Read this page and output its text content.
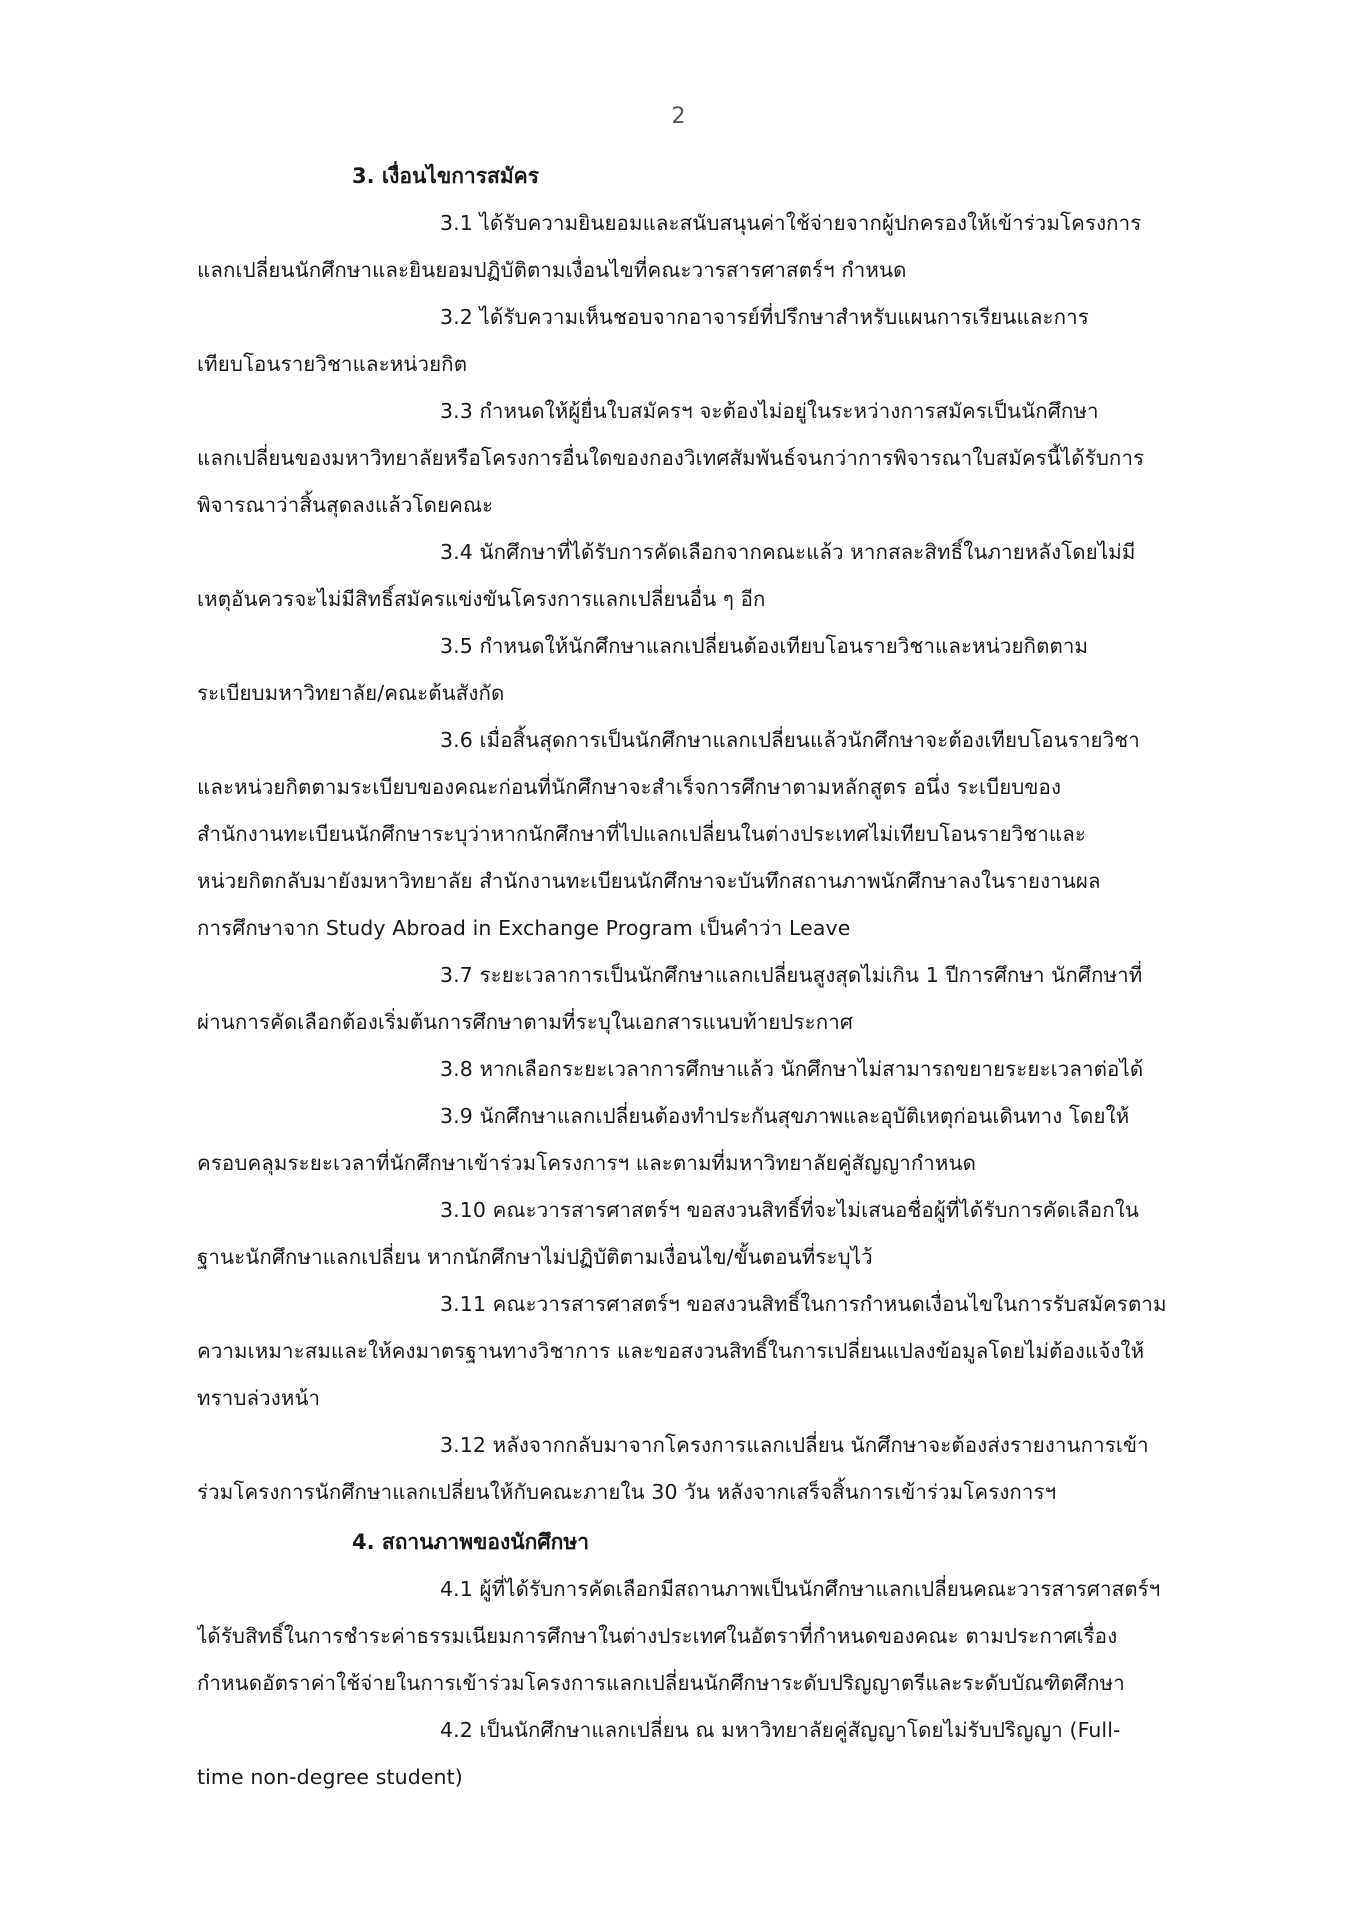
2
3. เงื่อนไขการสมัคร

3.1 ได้รับความยินยอมและสนับสนุนค่าใช้จ่ายจากผู้ปกครองให้เข้าร่วมโครงการ
แลกเปลี่ยนนักศึกษาและยินยอมปฏิบัติตามเงื่อนไขที่คณะวารสารศาสตร์ฯ กำหนด

3.2 ได้รับความเห็นชอบจากอาจารย์ที่ปรึกษาสำหรับแผนการเรียนและการ
เทียบโอนรายวิชาและหน่วยกิต

3.3 กำหนดให้ผู้ยื่นใบสมัครฯ จะต้องไม่อยู่ในระหว่างการสมัครเป็นนักศึกษา
แลกเปลี่ยนของมหาวิทยาลัยหรือโครงการอื่นใดของกองวิเทศสัมพันธ์จนกว่าการพิจารณาใบสมัครนี้ได้รับการ
พิจารณาว่าสิ้นสุดลงแล้วโดยคณะ

3.4 นักศึกษาที่ได้รับการคัดเลือกจากคณะแล้ว หากสละสิทธิ์ในภายหลังโดยไม่มี
เหตุอันควรจะไม่มีสิทธิ์สมัครแข่งขันโครงการแลกเปลี่ยนอื่น ๆ อีก

3.5 กำหนดให้นักศึกษาแลกเปลี่ยนต้องเทียบโอนรายวิชาและหน่วยกิตตาม
ระเบียบมหาวิทยาลัย/คณะต้นสังกัด

3.6 เมื่อสิ้นสุดการเป็นนักศึกษาแลกเปลี่ยนแล้วนักศึกษาจะต้องเทียบโอนรายวิชา
และหน่วยกิตตามระเบียบของคณะก่อนที่นักศึกษาจะสำเร็จการศึกษาตามหลักสูตร อนึ่ง ระเบียบของ
สำนักงานทะเบียนนักศึกษาระบุว่าหากนักศึกษาที่ไปแลกเปลี่ยนในต่างประเทศไม่เทียบโอนรายวิชาและ
หน่วยกิตกลับมายังมหาวิทยาลัย สำนักงานทะเบียนนักศึกษาจะบันทึกสถานภาพนักศึกษาลงในรายงานผล
การศึกษาจาก Study Abroad in Exchange Program เป็นคำว่า Leave

3.7 ระยะเวลาการเป็นนักศึกษาแลกเปลี่ยนสูงสุดไม่เกิน 1 ปีการศึกษา นักศึกษาที่
ผ่านการคัดเลือกต้องเริ่มต้นการศึกษาตามที่ระบุในเอกสารแนบท้ายประกาศ

3.8 หากเลือกระยะเวลาการศึกษาแล้ว นักศึกษาไม่สามารถขยายระยะเวลาต่อได้

3.9 นักศึกษาแลกเปลี่ยนต้องทำประกันสุขภาพและอุบัติเหตุก่อนเดินทาง โดยให้
ครอบคลุมระยะเวลาที่นักศึกษาเข้าร่วมโครงการฯ และตามที่มหาวิทยาลัยคู่สัญญากำหนด

3.10 คณะวารสารศาสตร์ฯ ขอสงวนสิทธิ์ที่จะไม่เสนอชื่อผู้ที่ได้รับการคัดเลือกใน
ฐานะนักศึกษาแลกเปลี่ยน หากนักศึกษาไม่ปฏิบัติตามเงื่อนไข/ขั้นตอนที่ระบุไว้

3.11 คณะวารสารศาสตร์ฯ ขอสงวนสิทธิ์ในการกำหนดเงื่อนไขในการรับสมัครตาม
ความเหมาะสมและให้คงมาตรฐานทางวิชาการ และขอสงวนสิทธิ์ในการเปลี่ยนแปลงข้อมูลโดยไม่ต้องแจ้งให้
ทราบล่วงหน้า

3.12 หลังจากกลับมาจากโครงการแลกเปลี่ยน นักศึกษาจะต้องส่งรายงานการเข้า
ร่วมโครงการนักศึกษาแลกเปลี่ยนให้กับคณะภายใน 30 วัน หลังจากเสร็จสิ้นการเข้าร่วมโครงการฯ

4. สถานภาพของนักศึกษา

4.1 ผู้ที่ได้รับการคัดเลือกมีสถานภาพเป็นนักศึกษาแลกเปลี่ยนคณะวารสารศาสตร์ฯ
ได้รับสิทธิ์ในการชำระค่าธรรมเนียมการศึกษาในต่างประเทศในอัตราที่กำหนดของคณะ ตามประกาศเรื่อง
กำหนดอัตราค่าใช้จ่ายในการเข้าร่วมโครงการแลกเปลี่ยนนักศึกษาระดับปริญญาตรีและระดับบัณฑิตศึกษา

4.2 เป็นนักศึกษาแลกเปลี่ยน ณ มหาวิทยาลัยคู่สัญญาโดยไม่รับปริญญา (Full-
time non-degree student)
